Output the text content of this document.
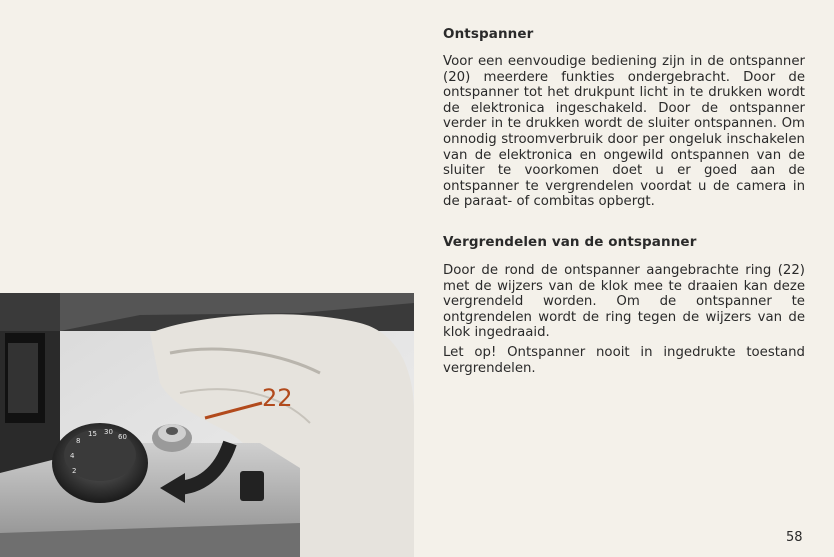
8
15 30
60
4
2
22
Ontspanner

Voor een eenvoudige bediening zijn in de ontspanner (20) meerdere funkties ondergebracht. Door de ontspanner tot het drukpunt licht in te drukken wordt de elektronica ingeschakeld. Door de ontspanner verder in te drukken wordt de sluiter ontspannen. Om onnodig stroomverbruik door per ongeluk inschakelen van de elektronica en ongewild ontspannen van de sluiter te voorkomen doet u er goed aan de ontspanner te vergrendelen voordat u de camera in de paraat- of combitas opbergt.

Vergrendelen van de ontspanner

Door de rond de ontspanner aangebrachte ring (22) met de wijzers van de klok mee te draaien kan deze vergrendeld worden. Om de ontspanner te ontgrendelen wordt de ring tegen de wijzers van de klok ingedraaid.

Let op! Ontspanner nooit in ingedrukte toestand vergrendelen.

58
